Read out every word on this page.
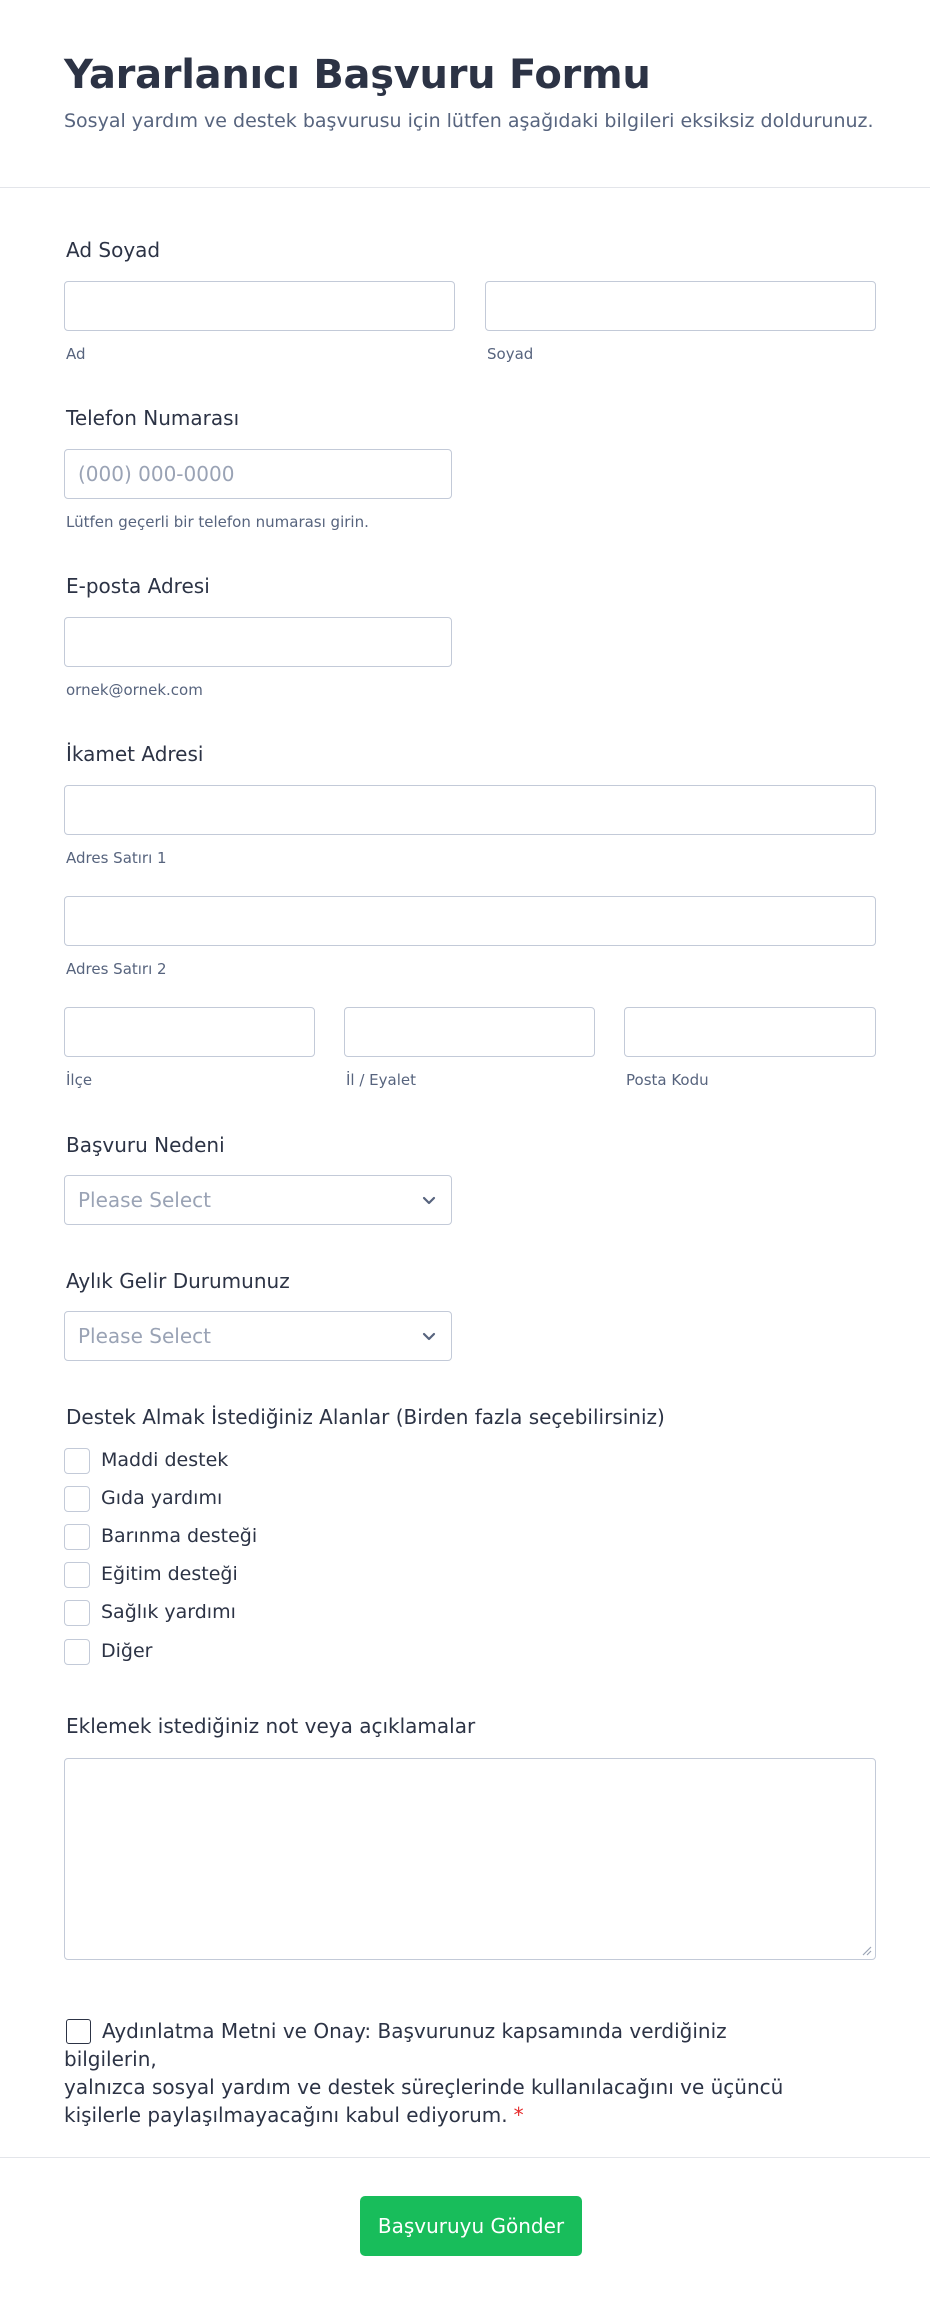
Yararlanıcı Başvuru Formu
Sosyal yardım ve destek başvurusu için lütfen aşağıdaki bilgileri eksiksiz doldurunuz.
Ad Soyad
Ad	Soyad
Telefon Numarası
(000) 000-0000
Lütfen geçerli bir telefon numarası girin.
E-posta Adresi
ornek@ornek.com
İkamet Adresi
Adres Satırı 1
Adres Satırı 2
İlçe	İl / Eyalet	Posta Kodu
Başvuru Nedeni
Please Select
Aylık Gelir Durumunuz
Please Select
Destek Almak İstediğiniz Alanlar (Birden fazla seçebilirsiniz)
Maddi destek
Gıda yardımı
Barınma desteği
Eğitim desteği
Sağlık yardımı
Diğer
Eklemek istediğiniz not veya açıklamalar
Aydınlatma Metni ve Onay: Başvurunuz kapsamında verdiğiniz bilgilerin,
yalnızca sosyal yardım ve destek süreçlerinde kullanılacağını ve üçüncü
kişilerle paylaşılmayacağını kabul ediyorum. *
Başvuruyu Gönder
